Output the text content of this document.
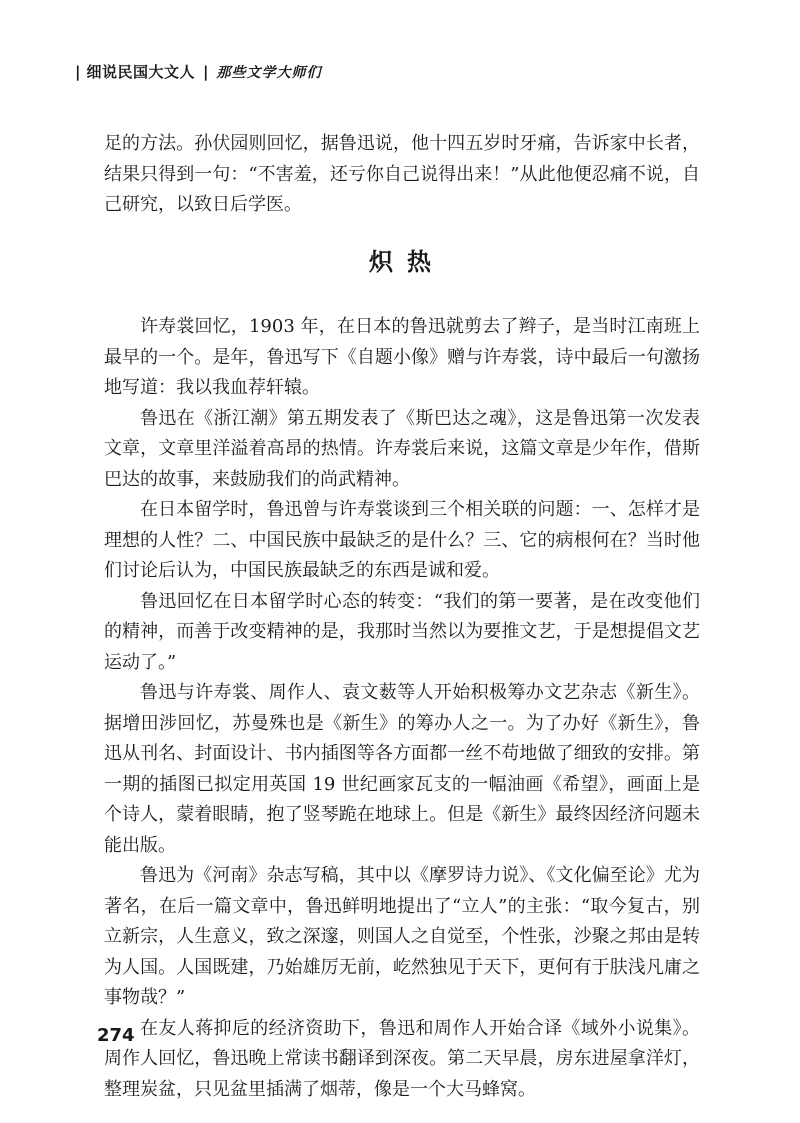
| 细说民国大文人 | 那些文学大师们

足的方法。孙伏园则回忆，据鲁迅说，他十四五岁时牙痛，告诉家中长者，结果只得到一句：“不害羞，还亏你自己说得出来！”从此他便忍痛不说，自己研究，以致日后学医。

炽热

许寿裳回忆，1903 年，在日本的鲁迅就剪去了辫子，是当时江南班上最早的一个。是年，鲁迅写下《自题小像》赠与许寿裳，诗中最后一句激扬地写道：我以我血荐轩辕。

鲁迅在《浙江潮》第五期发表了《斯巴达之魂》，这是鲁迅第一次发表文章，文章里洋溢着高昂的热情。许寿裳后来说，这篇文章是少年作，借斯巴达的故事，来鼓励我们的尚武精神。

在日本留学时，鲁迅曾与许寿裳谈到三个相关联的问题：一、怎样才是理想的人性？二、中国民族中最缺乏的是什么？三、它的病根何在？当时他们讨论后认为，中国民族最缺乏的东西是诚和爱。

鲁迅回忆在日本留学时心态的转变：“我们的第一要著，是在改变他们的精神，而善于改变精神的是，我那时当然以为要推文艺，于是想提倡文艺运动了。”

鲁迅与许寿裳、周作人、袁文薮等人开始积极筹办文艺杂志《新生》。据增田涉回忆，苏曼殊也是《新生》的筹办人之一。为了办好《新生》，鲁迅从刊名、封面设计、书内插图等各方面都一丝不苟地做了细致的安排。第一期的插图已拟定用英国 19 世纪画家瓦支的一幅油画《希望》，画面上是个诗人，蒙着眼睛，抱了竖琴跪在地球上。但是《新生》最终因经济问题未能出版。

鲁迅为《河南》杂志写稿，其中以《摩罗诗力说》、《文化偏至论》尤为著名，在后一篇文章中，鲁迅鲜明地提出了“立人”的主张：“取今复古，别立新宗，人生意义，致之深邃，则国人之自觉至，个性张，沙聚之邦由是转为人国。人国既建，乃始雄厉无前，屹然独见于天下，更何有于肤浅凡庸之事物哉？”

在友人蒋抑卮的经济资助下，鲁迅和周作人开始合译《域外小说集》。周作人回忆，鲁迅晚上常读书翻译到深夜。第二天早晨，房东进屋拿洋灯，整理炭盆，只见盆里插满了烟蒂，像是一个大马蜂窝。

274
